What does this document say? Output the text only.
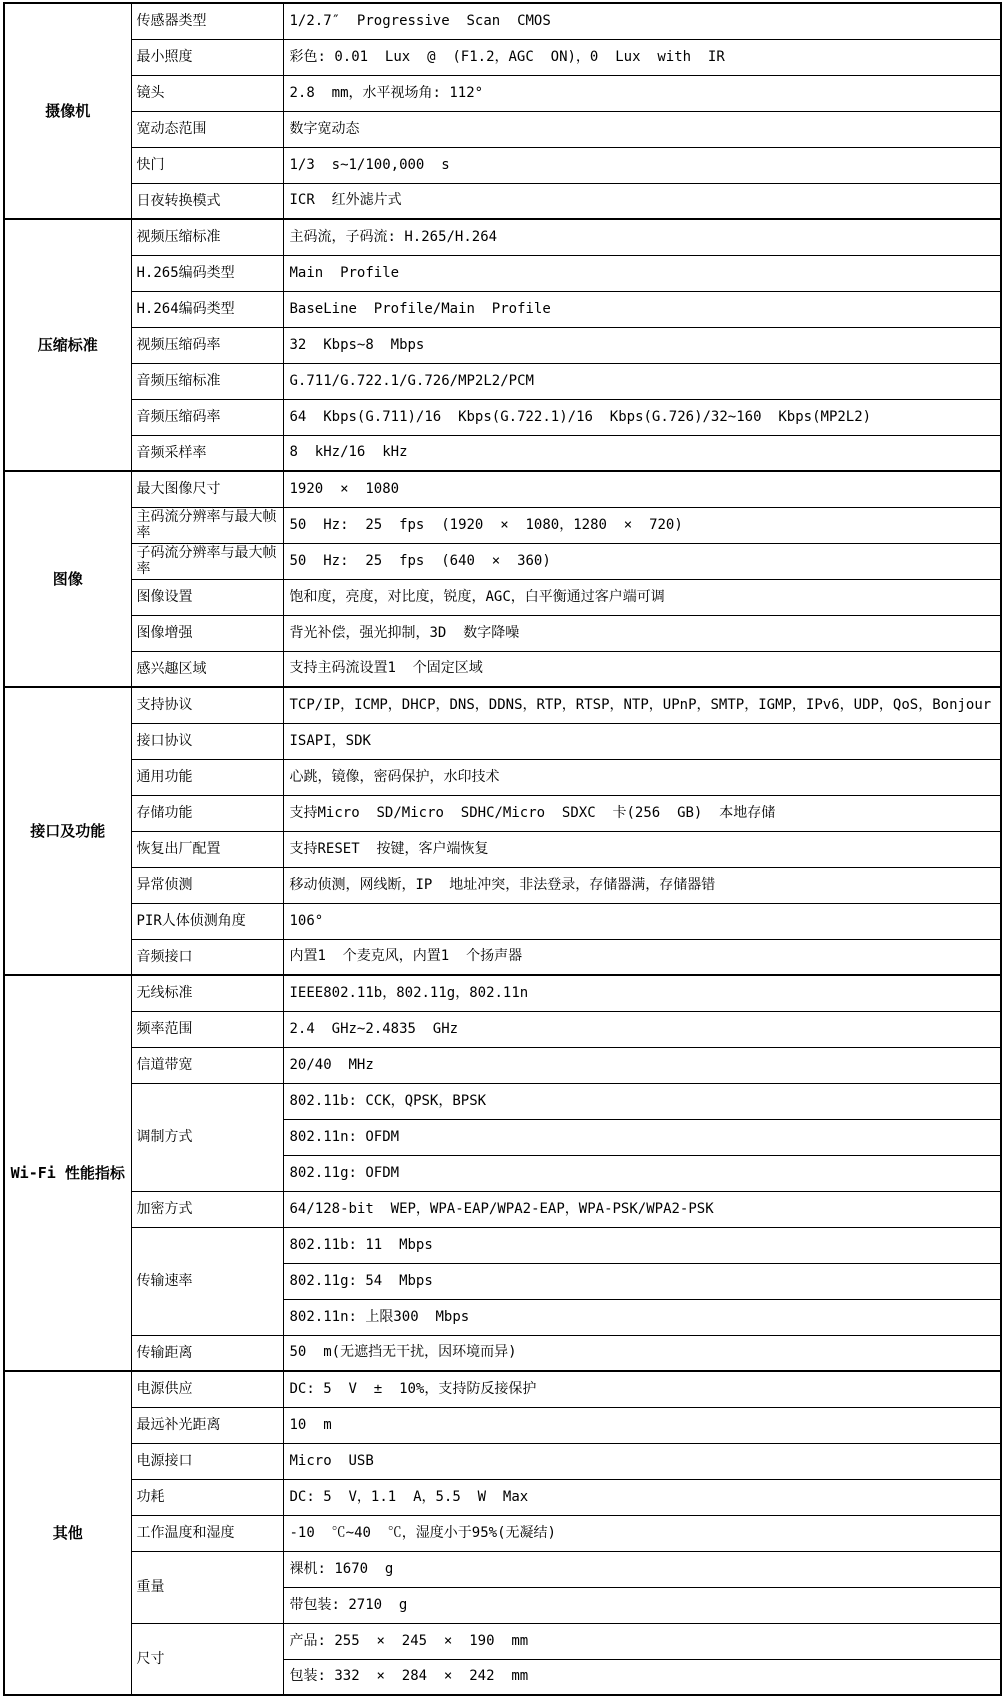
摄像机	传感器类型	1/2.7″  Progressive  Scan  CMOS
	最小照度	彩色: 0.01  Lux  @  (F1.2，AGC  ON)，0  Lux  with  IR
	镜头	2.8  mm，水平视场角: 112°
	宽动态范围	数字宽动态
	快门	1/3  s~1/100,000  s
	日夜转换模式	ICR  红外滤片式
压缩标准	视频压缩标准	主码流，子码流: H.265/H.264
	H.265编码类型	Main  Profile
	H.264编码类型	BaseLine  Profile/Main  Profile
	视频压缩码率	32  Kbps~8  Mbps
	音频压缩标准	G.711/G.722.1/G.726/MP2L2/PCM
	音频压缩码率	64  Kbps(G.711)/16  Kbps(G.722.1)/16  Kbps(G.726)/32~160  Kbps(MP2L2)
	音频采样率	8  kHz/16  kHz
图像	最大图像尺寸	1920  ×  1080
	主码流分辨率与最大帧率	50  Hz:  25  fps  (1920  ×  1080，1280  ×  720)
	子码流分辨率与最大帧率	50  Hz:  25  fps  (640  ×  360)
	图像设置	饱和度，亮度，对比度，锐度，AGC，白平衡通过客户端可调
	图像增强	背光补偿，强光抑制，3D  数字降噪
	感兴趣区域	支持主码流设置1  个固定区域
接口及功能	支持协议	TCP/IP，ICMP，DHCP，DNS，DDNS，RTP，RTSP，NTP，UPnP，SMTP，IGMP，IPv6，UDP，QoS，Bonjour
	接口协议	ISAPI，SDK
	通用功能	心跳，镜像，密码保护，水印技术
	存储功能	支持Micro  SD/Micro  SDHC/Micro  SDXC  卡(256  GB)  本地存储
	恢复出厂配置	支持RESET  按键，客户端恢复
	异常侦测	移动侦测，网线断，IP  地址冲突，非法登录，存储器满，存储器错
	PIR人体侦测角度	106°
	音频接口	内置1  个麦克风，内置1  个扬声器
Wi-Fi 性能指标	无线标准	IEEE802.11b，802.11g，802.11n
	频率范围	2.4  GHz~2.4835  GHz
	信道带宽	20/40  MHz
	调制方式	802.11b: CCK，QPSK，BPSK
		802.11n: OFDM
		802.11g: OFDM
	加密方式	64/128-bit  WEP，WPA-EAP/WPA2-EAP，WPA-PSK/WPA2-PSK
	传输速率	802.11b: 11  Mbps
		802.11g: 54  Mbps
		802.11n: 上限300  Mbps
	传输距离	50  m(无遮挡无干扰，因环境而异)
其他	电源供应	DC: 5  V  ±  10%，支持防反接保护
	最远补光距离	10  m
	电源接口	Micro  USB
	功耗	DC: 5  V，1.1  A，5.5  W  Max
	工作温度和湿度	-10  ℃~40  ℃，湿度小于95%(无凝结)
	重量	裸机: 1670  g
		带包装: 2710  g
	尺寸	产品: 255  ×  245  ×  190  mm
		包装: 332  ×  284  ×  242  mm
